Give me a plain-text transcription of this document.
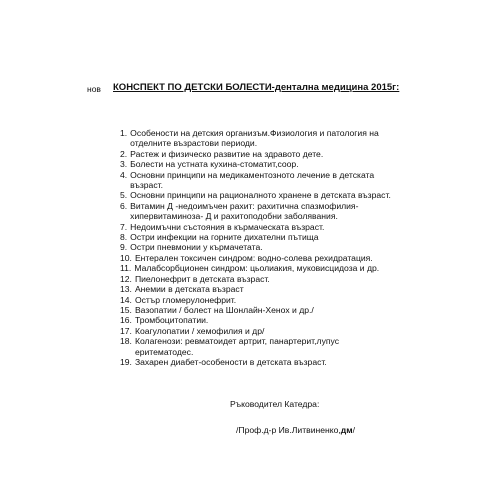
нов КОНСПЕКТ ПО ДЕТСКИ БОЛЕСТИ-дентална медицина 2015г:
1. Особености на детския организъм.Физиология и патология на
отделните възрастови периоди.
2. Растеж и физическо развитие на здравото дете.
3. Болести на устната кухина-стоматит,соор.
4. Основни принципи на медикаментозното лечение в детската
възраст.
5. Основни принципи на рационалното хранене в детската възраст.
6. Витамин Д -недоимъчен рахит: рахитична спазмофилия-
хипервитаминоза- Д и рахитоподобни заболявания.
7. Недоимъчни състояния в кърмаческата възраст.
8. Остри инфекции на горните дихателни пътища
9. Остри пневмонии у кърмачетата.
10. Ентерален токсичен синдром: водно-солева рехидратация.
11. Малабсорбционен синдром: цьолиакия, муковисцидоза и др.
12. Пиелонефрит в детската възраст.
13. Анемии в детската възраст
14. Остър гломерулонефрит.
15. Вазопатии / болест на Шонлайн-Хенох и др./
16. Тромбоцитопатии.
17. Коагулопатии / хемофилия и др/
18. Колагенози: ревматоидет артрит, панартерит,лупус еритематодес.
19. Захарен диабет-особености в детската възраст.
Ръководител Катедра:
/Проф.д-р Ив.Литвиненко,дм/
